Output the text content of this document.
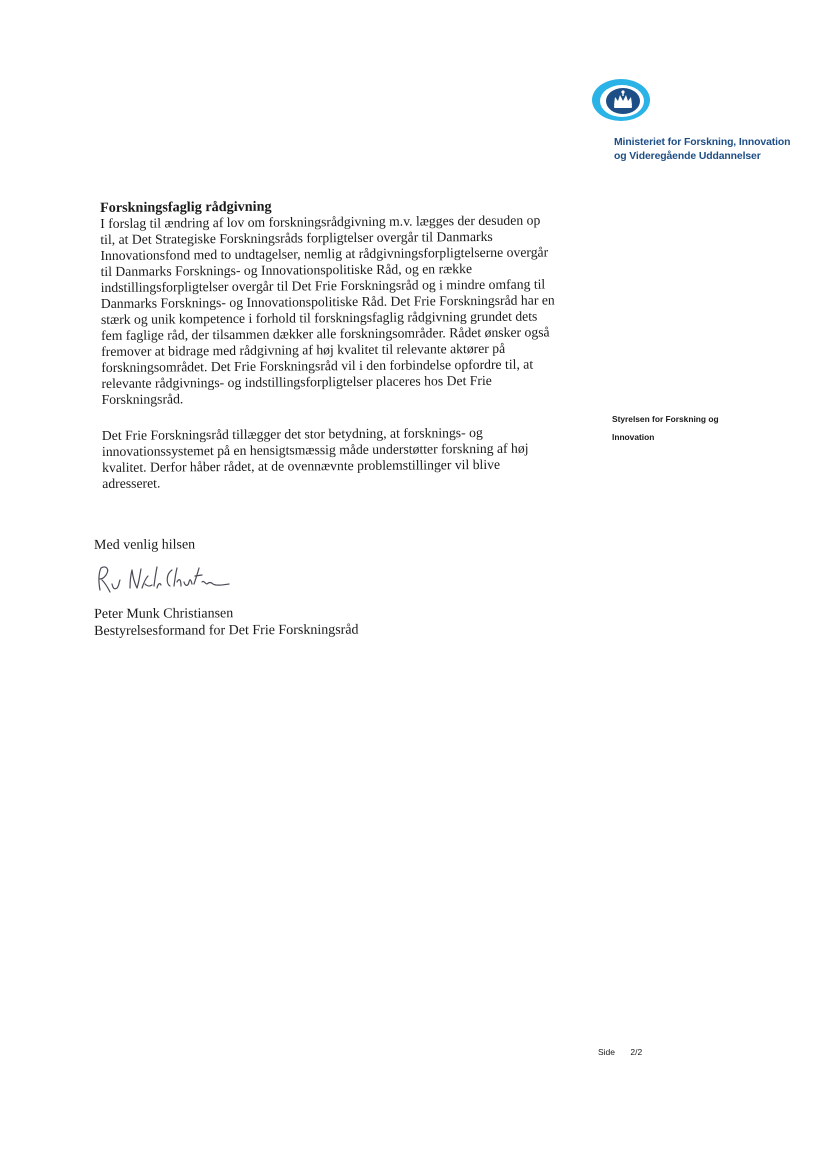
Ministeriet for Forskning, Innovation
og Videregående Uddannelser
Styrelsen for Forskning og
Innovation
Forskningsfaglig rådgivning
I forslag til ændring af lov om forskningsrådgivning m.v. lægges der desuden op
til, at Det Strategiske Forskningsråds forpligtelser overgår til Danmarks
Innovationsfond med to undtagelser, nemlig at rådgivningsforpligtelserne overgår
til Danmarks Forsknings- og Innovationspolitiske Råd, og en række
indstillingsforpligtelser overgår til Det Frie Forskningsråd og i mindre omfang til
Danmarks Forsknings- og Innovationspolitiske Råd. Det Frie Forskningsråd har en
stærk og unik kompetence i forhold til forskningsfaglig rådgivning grundet dets
fem faglige råd, der tilsammen dækker alle forskningsområder. Rådet ønsker også
fremover at bidrage med rådgivning af høj kvalitet til relevante aktører på
forskningsområdet. Det Frie Forskningsråd vil i den forbindelse opfordre til, at
relevante rådgivnings- og indstillingsforpligtelser placeres hos Det Frie
Forskningsråd.
Det Frie Forskningsråd tillægger det stor betydning, at forsknings- og
innovationssystemet på en hensigtsmæssig måde understøtter forskning af høj
kvalitet. Derfor håber rådet, at de ovennævnte problemstillinger vil blive
adresseret.
Med venlig hilsen
Peter Munk Christiansen
Bestyrelsesformand for Det Frie Forskningsråd
Side 2/2
